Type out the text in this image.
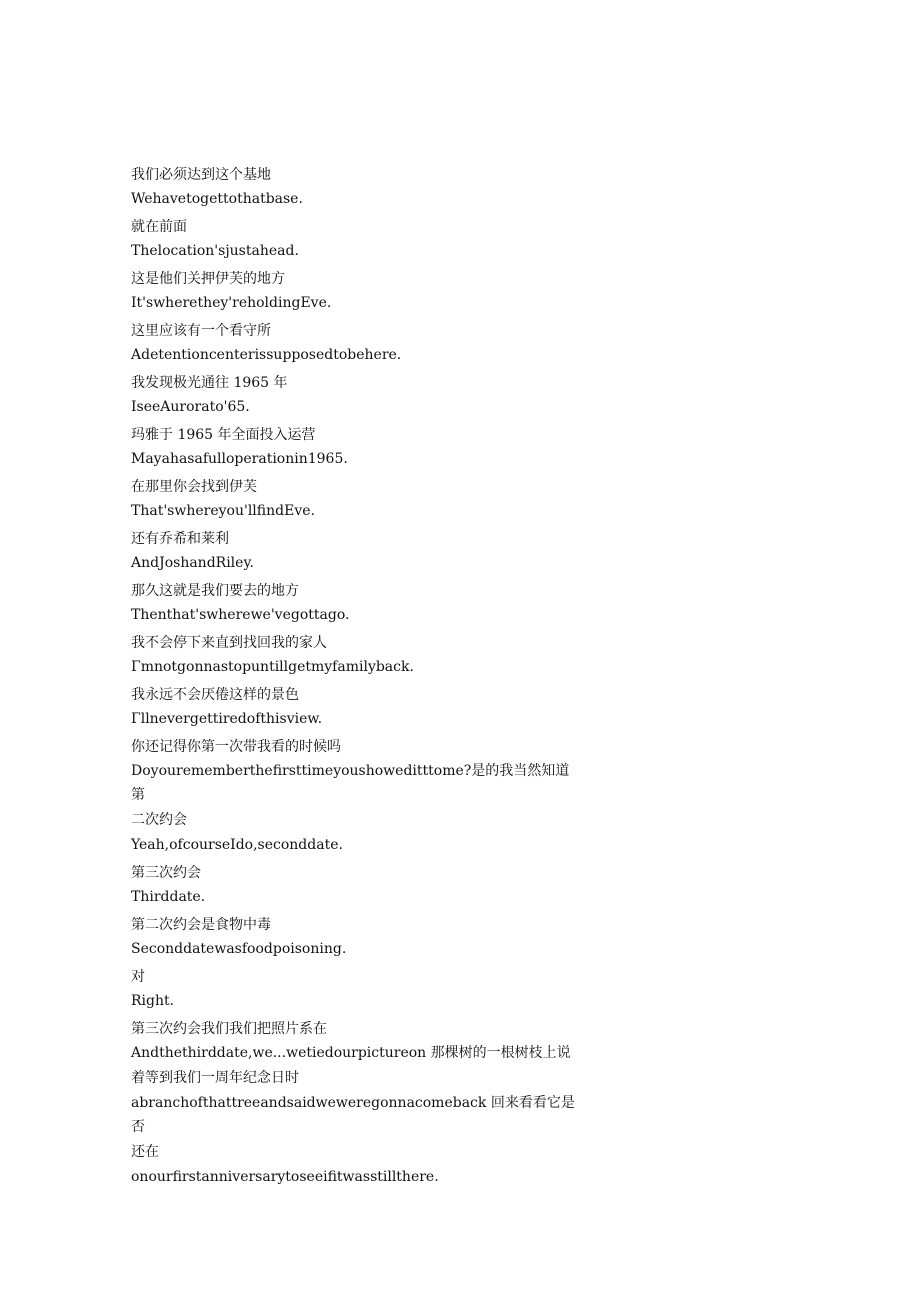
我们必须达到这个基地
Wehavetogettothatbase.
就在前面
Thelocation'sjustahead.
这是他们关押伊芙的地方
It'swherethey'reholdingEve.
这里应该有一个看守所
Adetentioncenterissupposedtobehere.
我发现极光通往 1965 年
IseeAurorato'65.
玛雅于 1965 年全面投入运营
Mayahasafulloperationin1965.
在那里你会找到伊芙
That'swhereyou'llfindEve.
还有乔希和莱利
AndJoshandRiley.
那久这就是我们要去的地方
Thenthat'swherewe'vegottago.
我不会停下来直到找回我的家人
Γmnotgonnastopuntillgetmyfamilyback.
我永远不会厌倦这样的景色
Γllnevergettiredofthisview.
你还记得你第一次带我看的时候吗
Doyourememberthefirsttimeyoushoweditttome?是的我当然知道第
二次约会
Yeah,ofcourseIdo,seconddate.
第三次约会
Thirddate.
第二次约会是食物中毒
Seconddatewasfoodpoisoning.
对
Right.
第三次约会我们我们把照片系在
Andthethirddate,we...wetiedourpictureon 那棵树的一根树枝上说
着等到我们一周年纪念日时
abranchofthattreeandsaidweweregonnacomeback 回来看看它是否
还在
onourfirstanniversarytoseeifitwasstillthere.
